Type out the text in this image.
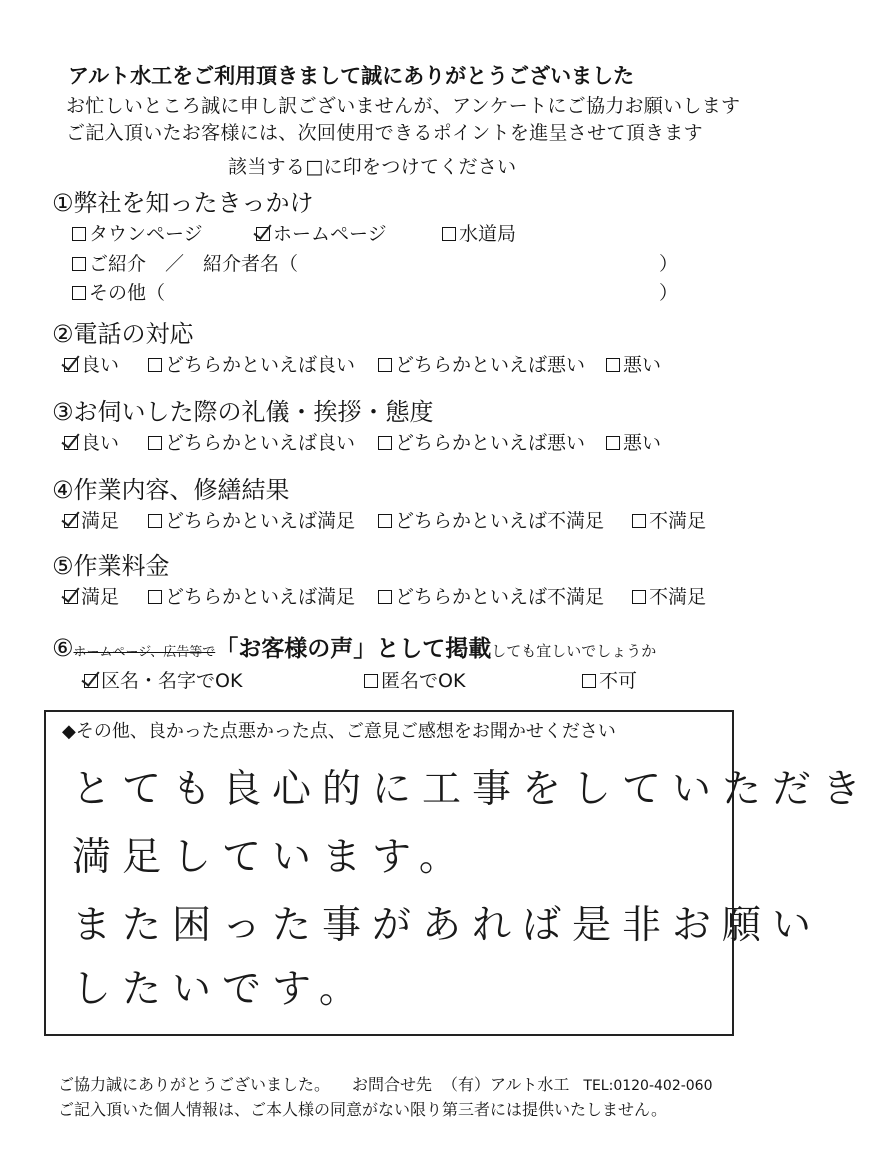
アルト水工をご利用頂きまして誠にありがとうございました
お忙しいところ誠に申し訳ございませんが、アンケートにご協力お願いします
ご記入頂いたお客様には、次回使用できるポイントを進呈させて頂きます
該当する□に印をつけてください
①弊社を知ったきっかけ
タウンページ	ホームページ	水道局
ご紹介　／　紹介者名（	）
その他（	）
②電話の対応
良い	どちらかといえば良い	どちらかといえば悪い	悪い
③お伺いした際の礼儀・挨拶・態度
良い	どちらかといえば良い	どちらかといえば悪い	悪い
④作業内容、修繕結果
満足	どちらかといえば満足	どちらかといえば不満足	不満足
⑤作業料金
満足	どちらかといえば満足	どちらかといえば不満足	不満足
⑥ホームページ、広告等で「お客様の声」として掲載しても宜しいでしょうか
区名・名字でOK	匿名でOK	不可
◆その他、良かった点悪かった点、ご意見ご感想をお聞かせください
とても良心的に工事をしていただき
満足しています。
また困った事があれば是非お願い
したいです。
ご協力誠にありがとうございました。 お問合せ先 （有）アルト水工 TEL:0120-402-060
ご記入頂いた個人情報は、ご本人様の同意がない限り第三者には提供いたしません。
